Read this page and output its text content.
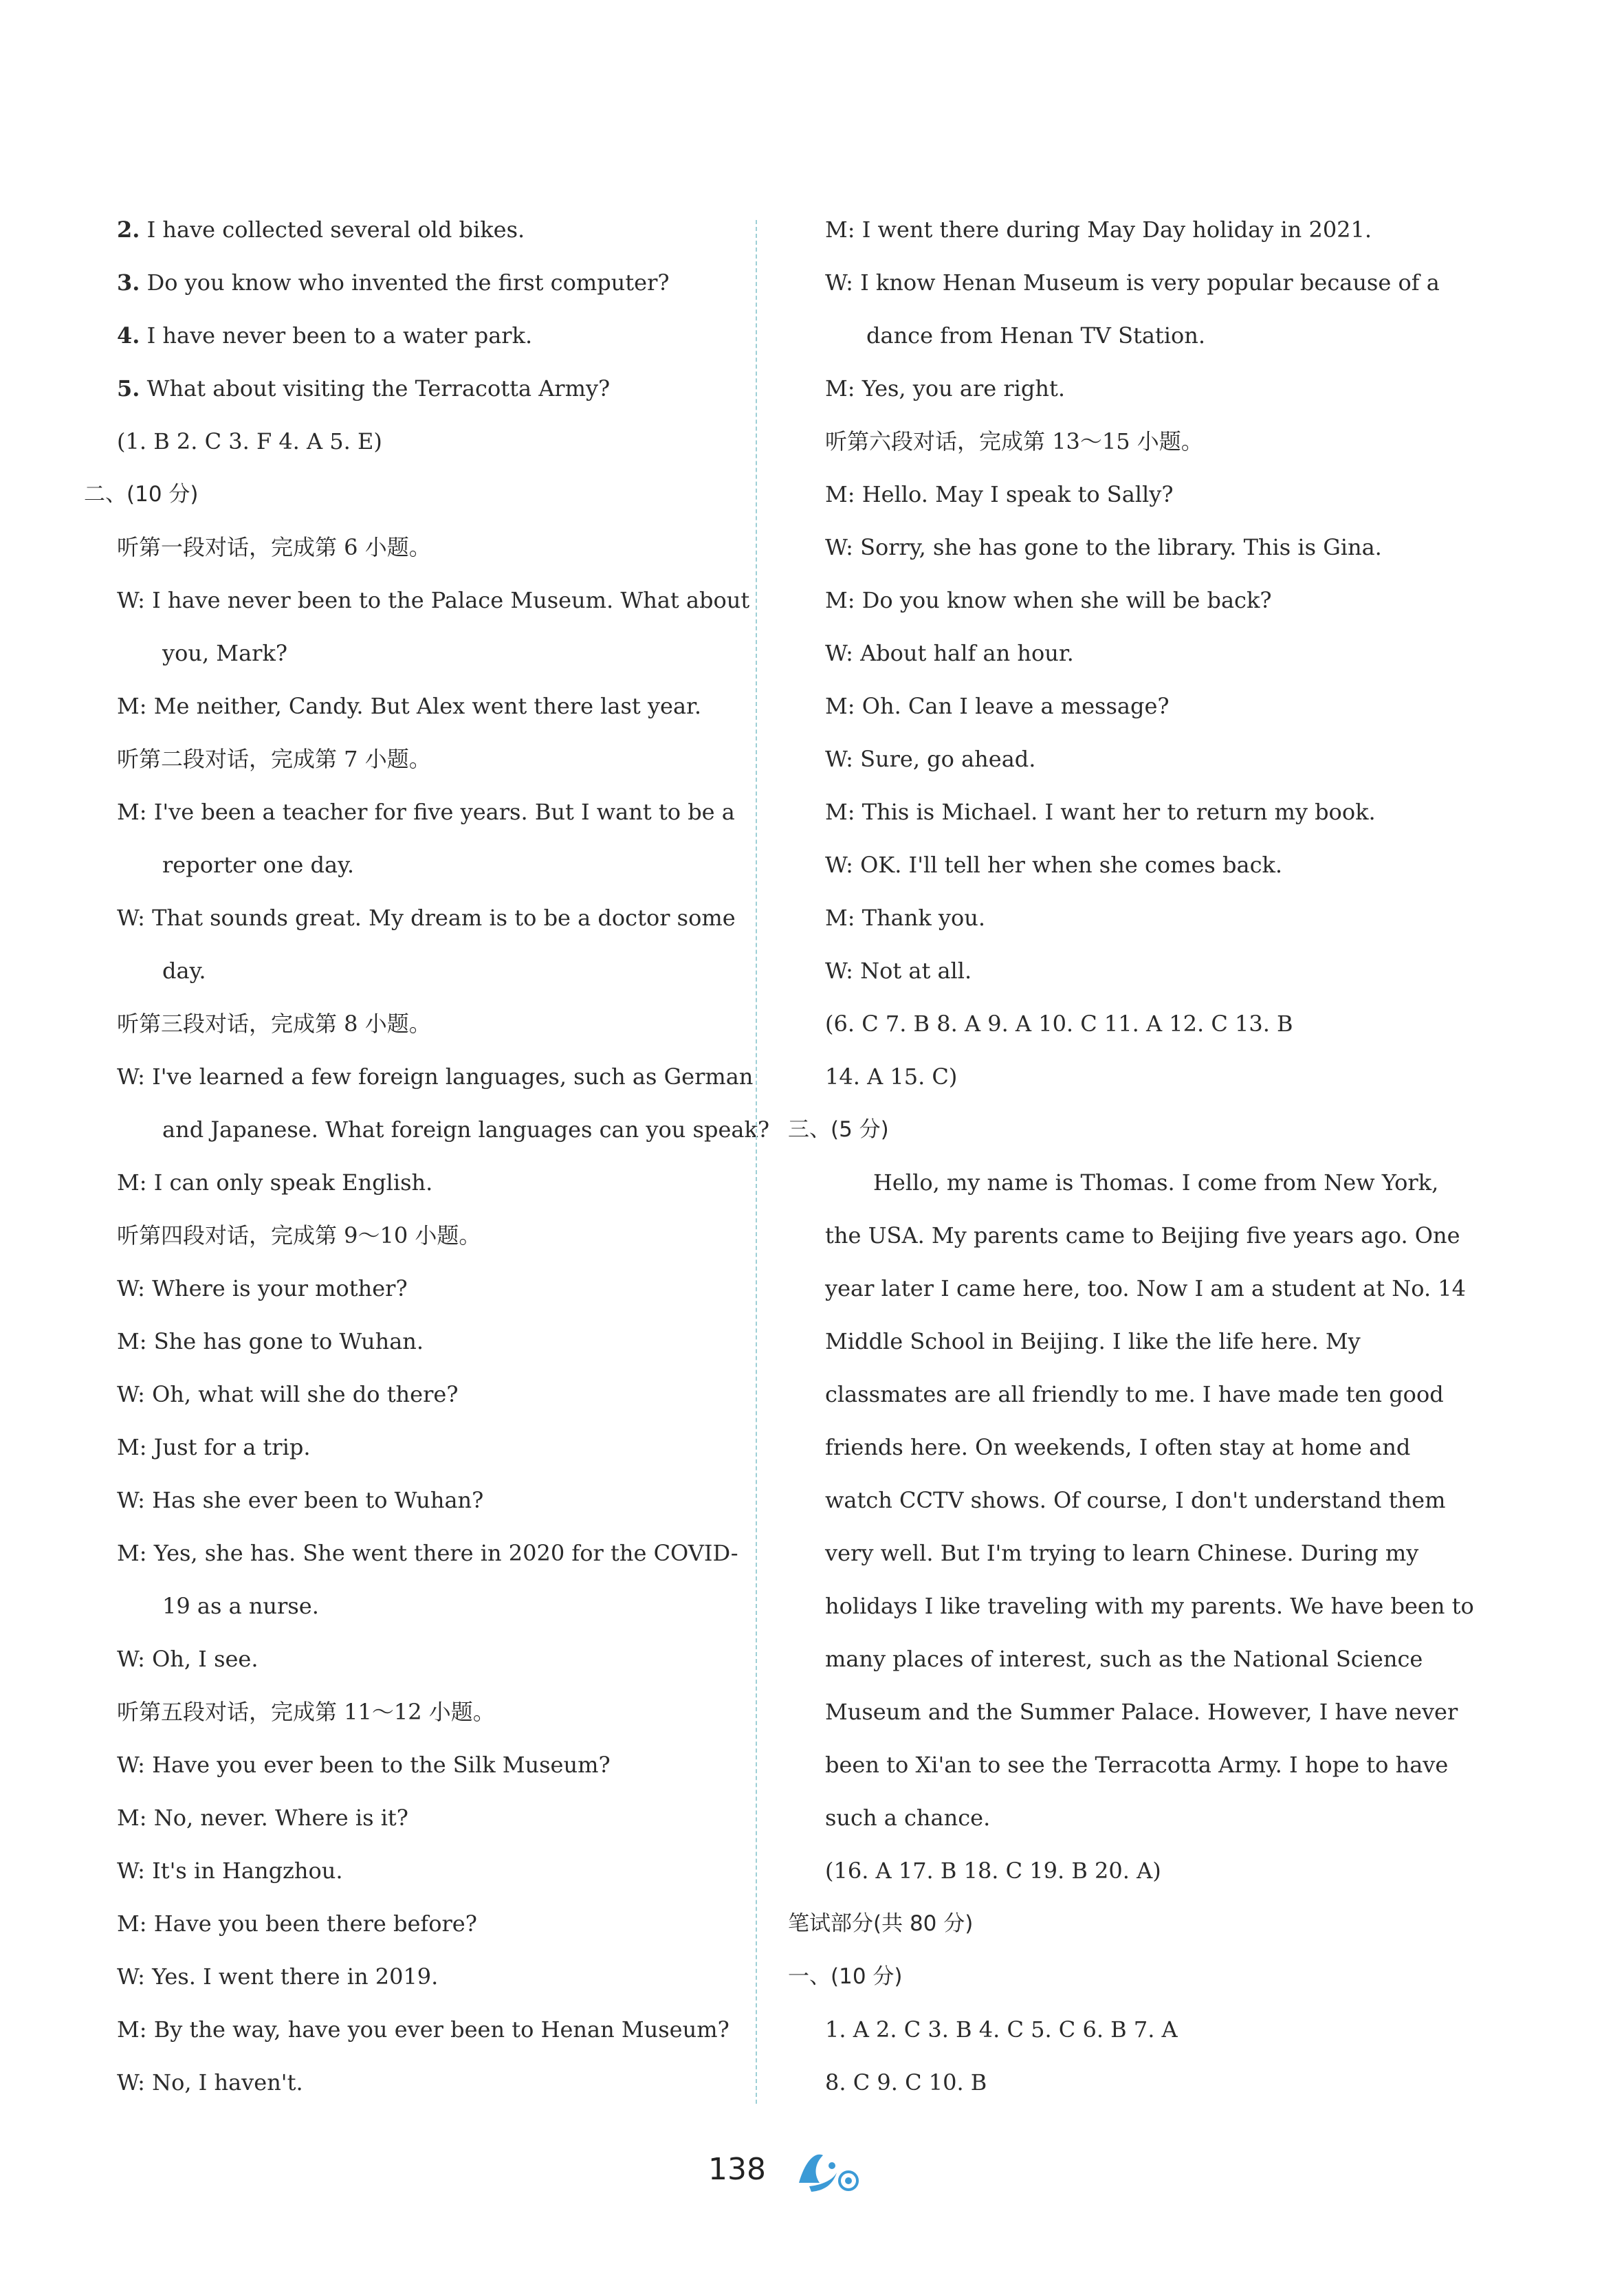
2. I have collected several old bikes.
3. Do you know who invented the first computer?
4. I have never been to a water park.
5. What about visiting the Terracotta Army?
(1. B 2. C 3. F 4. A 5. E)
二、(10 分)
听第一段对话，完成第 6 小题。
W: I have never been to the Palace Museum. What about
you, Mark?
M: Me neither, Candy. But Alex went there last year.
听第二段对话，完成第 7 小题。
M: I've been a teacher for five years. But I want to be a
reporter one day.
W: That sounds great. My dream is to be a doctor some
day.
听第三段对话，完成第 8 小题。
W: I've learned a few foreign languages, such as German
and Japanese. What foreign languages can you speak?
M: I can only speak English.
听第四段对话，完成第 9～10 小题。
W: Where is your mother?
M: She has gone to Wuhan.
W: Oh, what will she do there?
M: Just for a trip.
W: Has she ever been to Wuhan?
M: Yes, she has. She went there in 2020 for the COVID-
19 as a nurse.
W: Oh, I see.
听第五段对话，完成第 11～12 小题。
W: Have you ever been to the Silk Museum?
M: No, never. Where is it?
W: It's in Hangzhou.
M: Have you been there before?
W: Yes. I went there in 2019.
M: By the way, have you ever been to Henan Museum?
W: No, I haven't.
M: I went there during May Day holiday in 2021.
W: I know Henan Museum is very popular because of a
dance from Henan TV Station.
M: Yes, you are right.
听第六段对话，完成第 13～15 小题。
M: Hello. May I speak to Sally?
W: Sorry, she has gone to the library. This is Gina.
M: Do you know when she will be back?
W: About half an hour.
M: Oh. Can I leave a message?
W: Sure, go ahead.
M: This is Michael. I want her to return my book.
W: OK. I'll tell her when she comes back.
M: Thank you.
W: Not at all.
(6. C 7. B 8. A 9. A 10. C 11. A 12. C 13. B
14. A 15. C)
三、(5 分)
Hello, my name is Thomas. I come from New York,
the USA. My parents came to Beijing five years ago. One
year later I came here, too. Now I am a student at No. 14
Middle School in Beijing. I like the life here. My
classmates are all friendly to me. I have made ten good
friends here. On weekends, I often stay at home and
watch CCTV shows. Of course, I don't understand them
very well. But I'm trying to learn Chinese. During my
holidays I like traveling with my parents. We have been to
many places of interest, such as the National Science
Museum and the Summer Palace. However, I have never
been to Xi'an to see the Terracotta Army. I hope to have
such a chance.
(16. A 17. B 18. C 19. B 20. A)
笔试部分(共 80 分)
一、(10 分)
1. A 2. C 3. B 4. C 5. C 6. B 7. A
8. C 9. C 10. B
138
